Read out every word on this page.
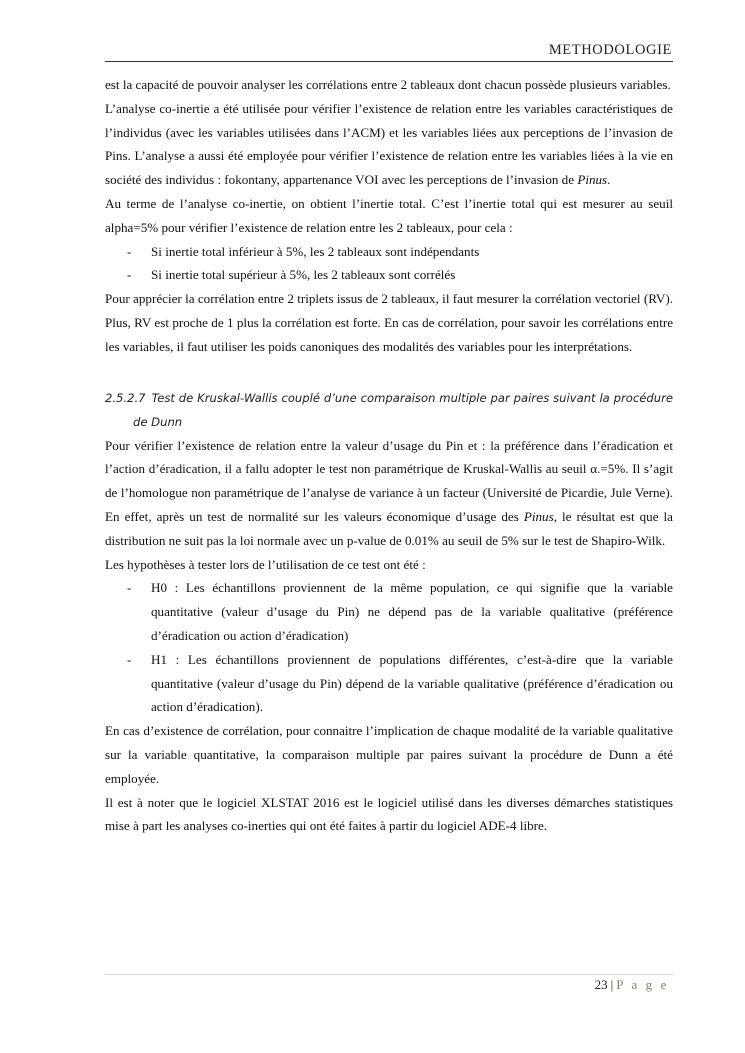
METHODOLOGIE

est la capacité de pouvoir analyser les corrélations entre 2 tableaux dont chacun possède plusieurs variables.

L’analyse co-inertie a été utilisée pour vérifier l’existence de relation entre les variables caractéristiques de l’individus (avec les variables utilisées dans l’ACM) et les variables liées aux perceptions de l’invasion de Pins. L’analyse a aussi été employée pour vérifier l’existence de relation entre les variables liées à la vie en société des individus : fokontany, appartenance VOI avec les perceptions de l’invasion de Pinus.

Au terme de l’analyse co-inertie, on obtient l’inertie total. C’est l’inertie total qui est mesurer au seuil alpha=5% pour vérifier l’existence de relation entre les 2 tableaux, pour cela :

- Si inertie total inférieur à 5%, les 2 tableaux sont indépendants
- Si inertie total supérieur à 5%, les 2 tableaux sont corrélés

Pour apprécier la corrélation entre 2 triplets issus de 2 tableaux, il faut mesurer la corrélation vectoriel (RV). Plus, RV est proche de 1 plus la corrélation est forte. En cas de corrélation, pour savoir les corrélations entre les variables, il faut utiliser les poids canoniques des modalités des variables pour les interprétations.

2.5.2.7 Test de Kruskal-Wallis couplé d’une comparaison multiple par paires suivant la procédure de Dunn

Pour vérifier l’existence de relation entre la valeur d’usage du Pin et : la préférence dans l’éradication et l’action d’éradication, il a fallu adopter le test non paramétrique de Kruskal-Wallis au seuil α.=5%. Il s’agit de l’homologue non paramétrique de l’analyse de variance à un facteur (Université de Picardie, Jule Verne). En effet, après un test de normalité sur les valeurs économique d’usage des Pinus, le résultat est que la distribution ne suit pas la loi normale avec un p-value de 0.01% au seuil de 5% sur le test de Shapiro-Wilk.

Les hypothèses à tester lors de l’utilisation de ce test ont été :

- H0 : Les échantillons proviennent de la même population, ce qui signifie que la variable quantitative (valeur d’usage du Pin) ne dépend pas de la variable qualitative (préférence d’éradication ou action d’éradication)
- H1 : Les échantillons proviennent de populations différentes, c’est-à-dire que la variable quantitative (valeur d’usage du Pin) dépend de la variable qualitative (préférence d’éradication ou action d’éradication).

En cas d’existence de corrélation, pour connaitre l’implication de chaque modalité de la variable qualitative sur la variable quantitative, la comparaison multiple par paires suivant la procédure de Dunn a été employée.

Il est à noter que le logiciel XLSTAT 2016 est le logiciel utilisé dans les diverses démarches statistiques mise à part les analyses co-inerties qui ont été faites à partir du logiciel ADE-4 libre.

23 | P a g e
